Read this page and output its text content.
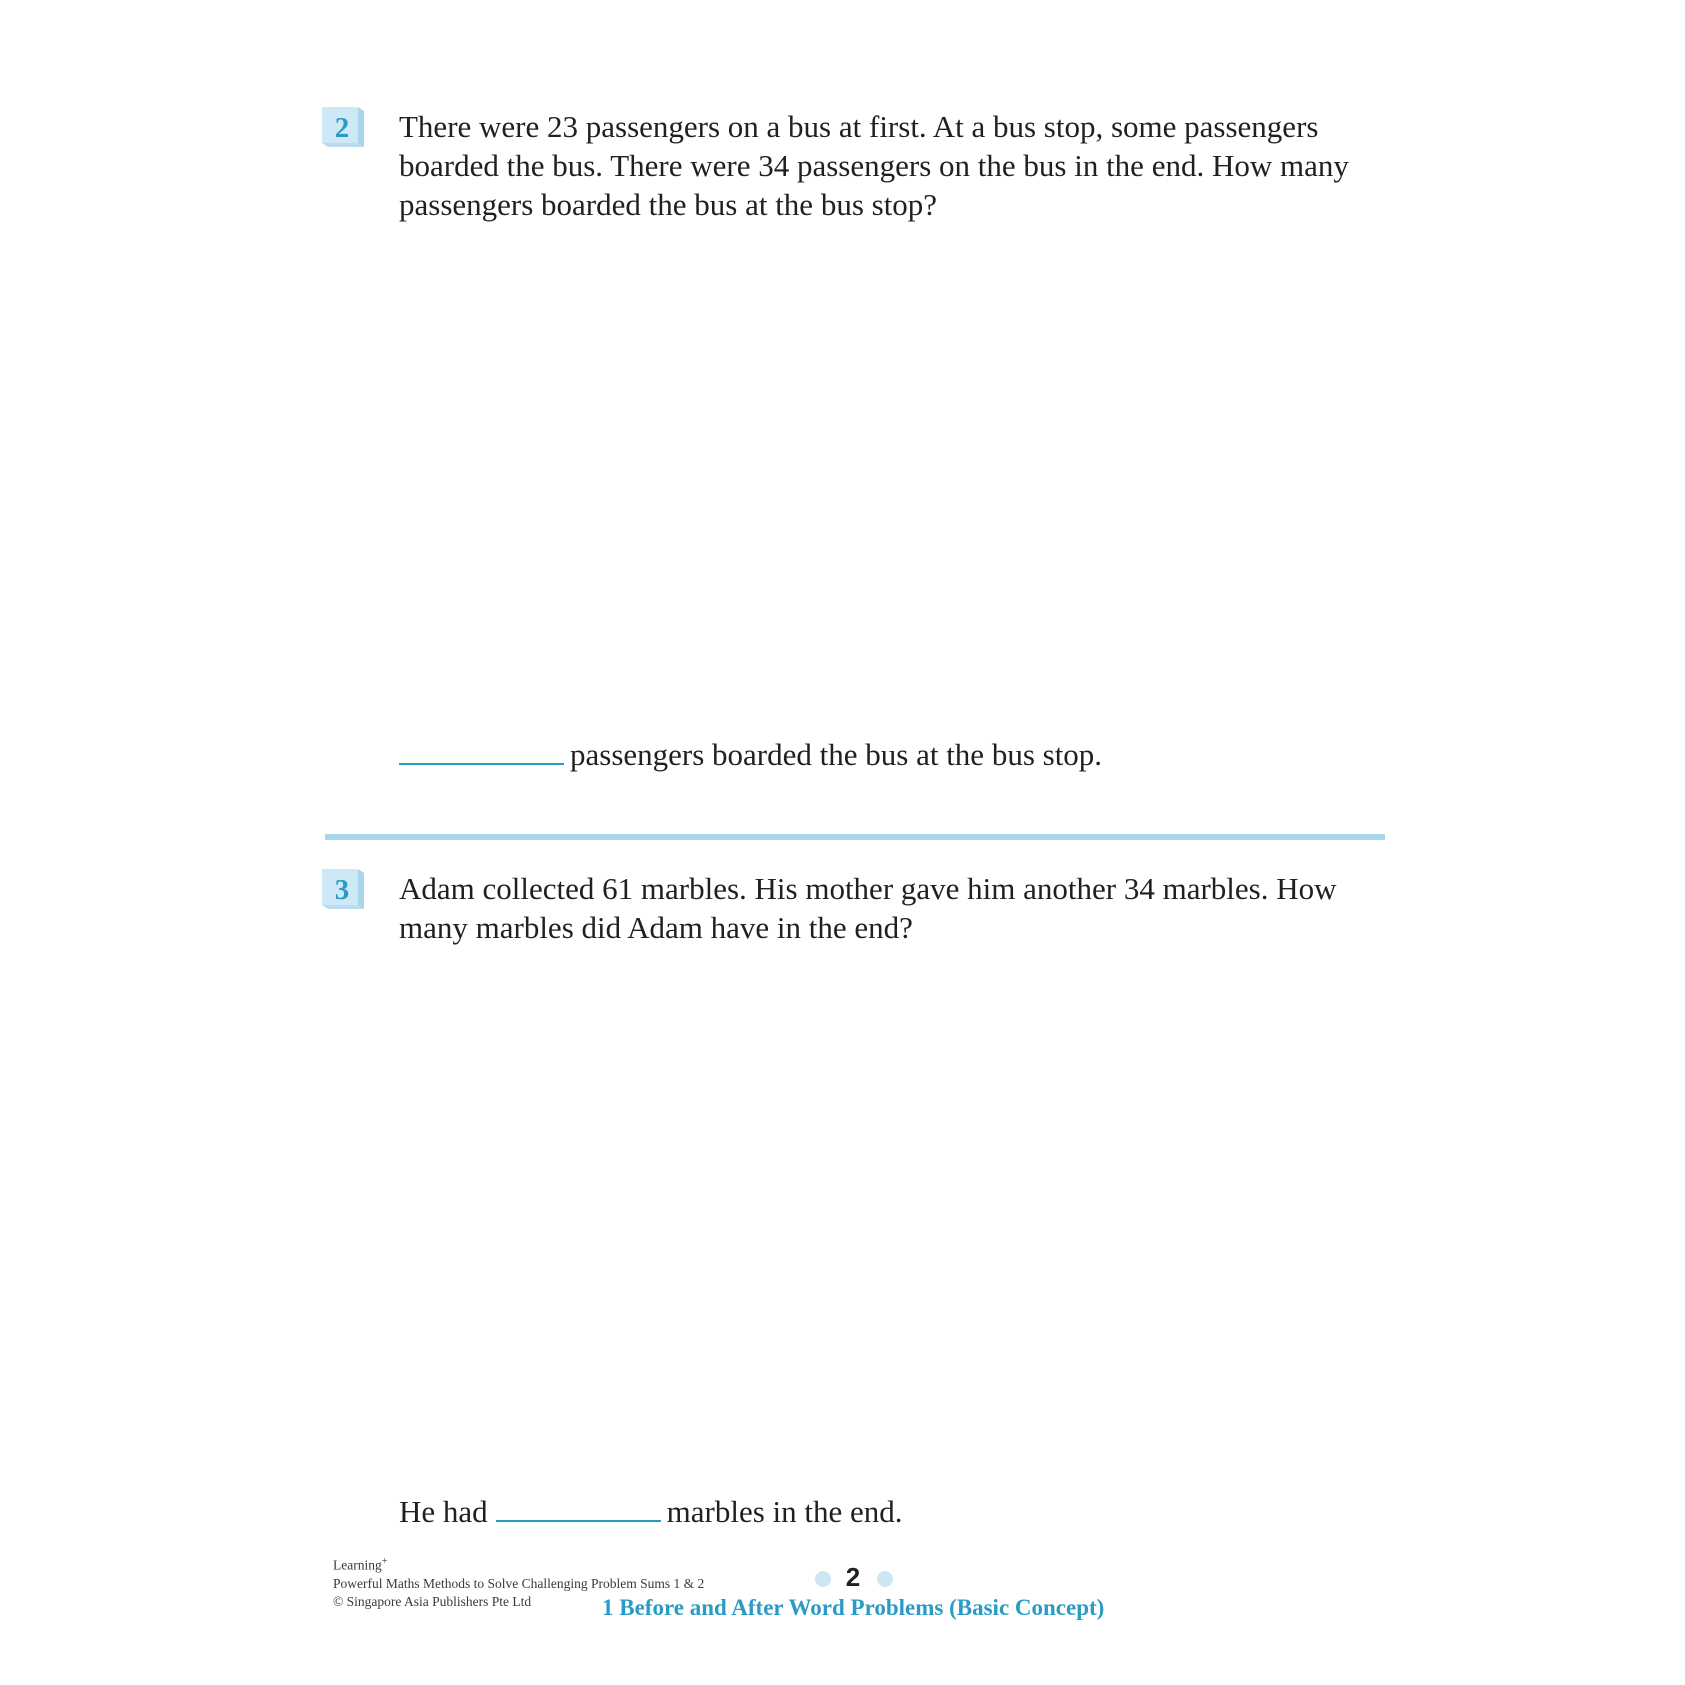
2	There were 23 passengers on a bus at first. At a bus stop, some passengers boarded the bus. There were 34 passengers on the bus in the end. How many passengers boarded the bus at the bus stop?
passengers boarded the bus at the bus stop.
3	Adam collected 61 marbles. His mother gave him another 34 marbles. How many marbles did Adam have in the end?
He had	marbles in the end.
Learning+
Powerful Maths Methods to Solve Challenging Problem Sums 1 & 2
© Singapore Asia Publishers Pte Ltd
2
1 Before and After Word Problems (Basic Concept)
